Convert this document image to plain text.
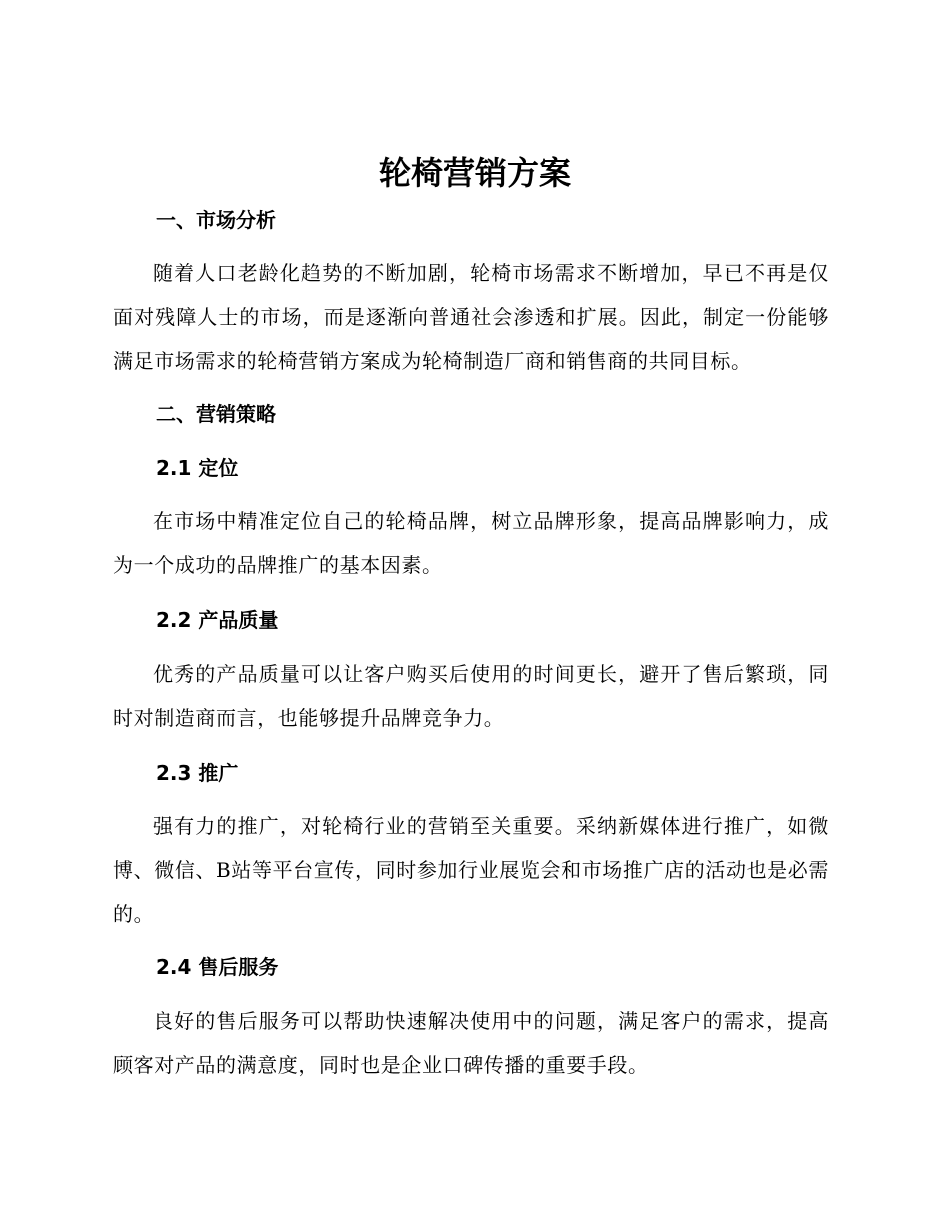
轮椅营销方案
一、市场分析

随着人口老龄化趋势的不断加剧，轮椅市场需求不断增加，早已不再是仅面对残障人士的市场，而是逐渐向普通社会渗透和扩展。因此，制定一份能够满足市场需求的轮椅营销方案成为轮椅制造厂商和销售商的共同目标。

二、营销策略
2.1 定位

在市场中精准定位自己的轮椅品牌，树立品牌形象，提高品牌影响力，成为一个成功的品牌推广的基本因素。

2.2 产品质量

优秀的产品质量可以让客户购买后使用的时间更长，避开了售后繁琐，同时对制造商而言，也能够提升品牌竞争力。

2.3 推广

强有力的推广，对轮椅行业的营销至关重要。采纳新媒体进行推广，如微博、微信、B站等平台宣传，同时参加行业展览会和市场推广店的活动也是必需的。

2.4 售后服务

良好的售后服务可以帮助快速解决使用中的问题，满足客户的需求，提高顾客对产品的满意度，同时也是企业口碑传播的重要手段。
